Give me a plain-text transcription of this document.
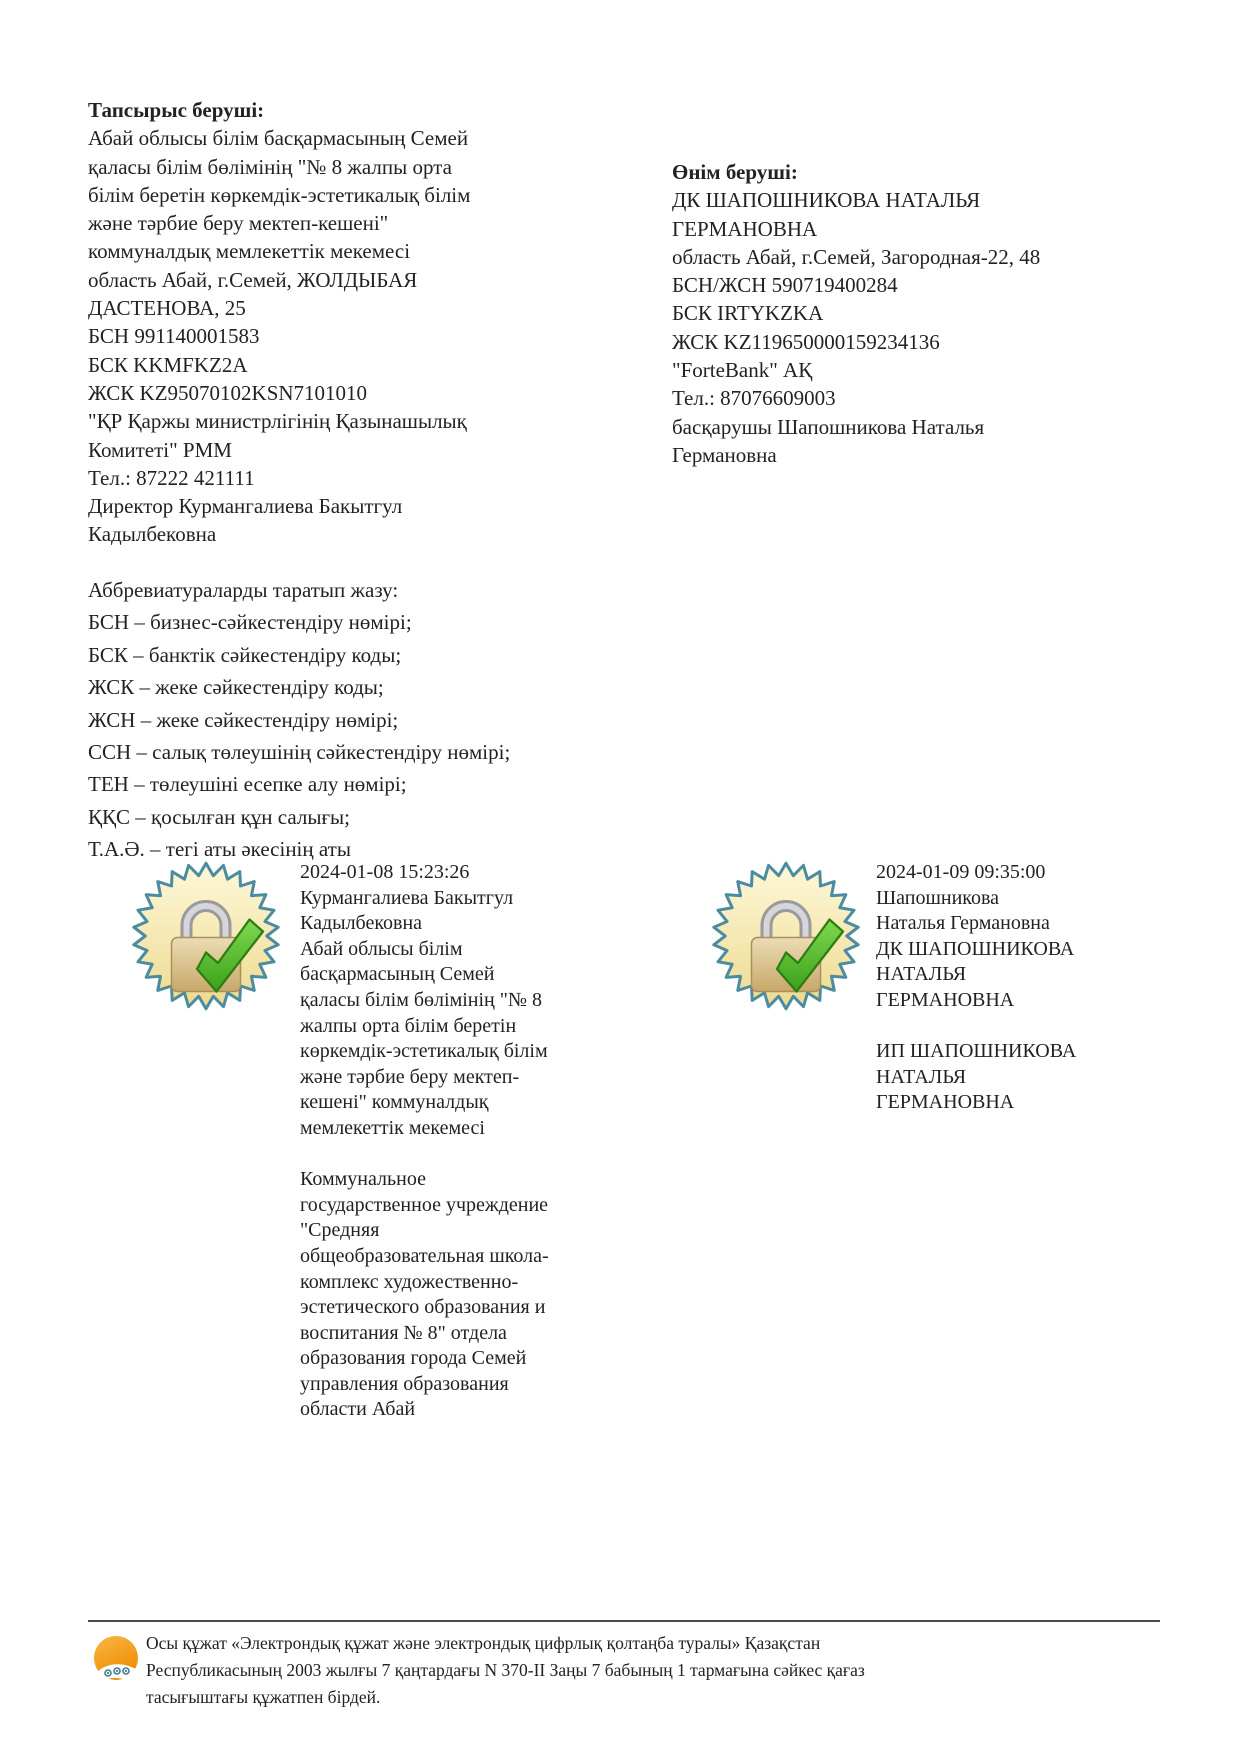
Тапсырыс беруші:
Абай облысы білім басқармасының Семей
қаласы білім бөлімінің "№ 8 жалпы орта
білім беретін көркемдік-эстетикалық білім
және тәрбие беру мектеп-кешені"
коммуналдық мемлекеттік мекемесі
область Абай, г.Семей, ЖОЛДЫБАЯ
ДАСТЕНОВА, 25
БСН 991140001583
БСК KKMFKZ2A
ЖСК KZ95070102KSN7101010
"ҚР Қаржы министрлігінің Қазынашылық
Комитеті" РММ
Тел.: 87222 421111
Директор Курмангалиева Бакытгул
Кадылбековна
Өнім беруші:
ДК ШАПОШНИКОВА НАТАЛЬЯ
ГЕРМАНОВНА
область Абай, г.Семей, Загородная-22, 48
БСН/ЖСН 590719400284
БСК IRTYKZKA
ЖСК KZ119650000159234136
"ForteBank" АҚ
Тел.: 87076609003
басқарушы Шапошникова Наталья
Германовна
Аббревиатураларды таратып жазу:
БСН – бизнес-сәйкестендіру нөмірі;
БСК – банктік сәйкестендіру коды;
ЖСК – жеке сәйкестендіру коды;
ЖСН – жеке сәйкестендіру нөмірі;
ССН – салық төлеушінің сәйкестендіру нөмірі;
ТЕН – төлеушіні есепке алу нөмірі;
ҚҚС – қосылған құн салығы;
Т.А.Ә. – тегі аты әкесінің аты
2024-01-08 15:23:26
Курмангалиева Бакытгул
Кадылбековна
Абай облысы білім
басқармасының Семей
қаласы білім бөлімінің "№ 8
жалпы орта білім беретін
көркемдік-эстетикалық білім
және тәрбие беру мектеп-
кешені" коммуналдық
мемлекеттік мекемесі

Коммунальное
государственное учреждение
"Средняя
общеобразовательная школа-
комплекс художественно-
эстетического образования и
воспитания № 8" отдела
образования города Семей
управления образования
области Абай
2024-01-09 09:35:00
Шапошникова
Наталья Германовна
ДК ШАПОШНИКОВА
НАТАЛЬЯ
ГЕРМАНОВНА

ИП ШАПОШНИКОВА
НАТАЛЬЯ
ГЕРМАНОВНА
Осы құжат «Электрондық құжат және электрондық цифрлық қолтаңба туралы» Қазақстан
Республикасының 2003 жылғы 7 қаңтардағы N 370-II Заңы 7 бабының 1 тармағына сәйкес қағаз
тасығыштағы құжатпен бірдей.
